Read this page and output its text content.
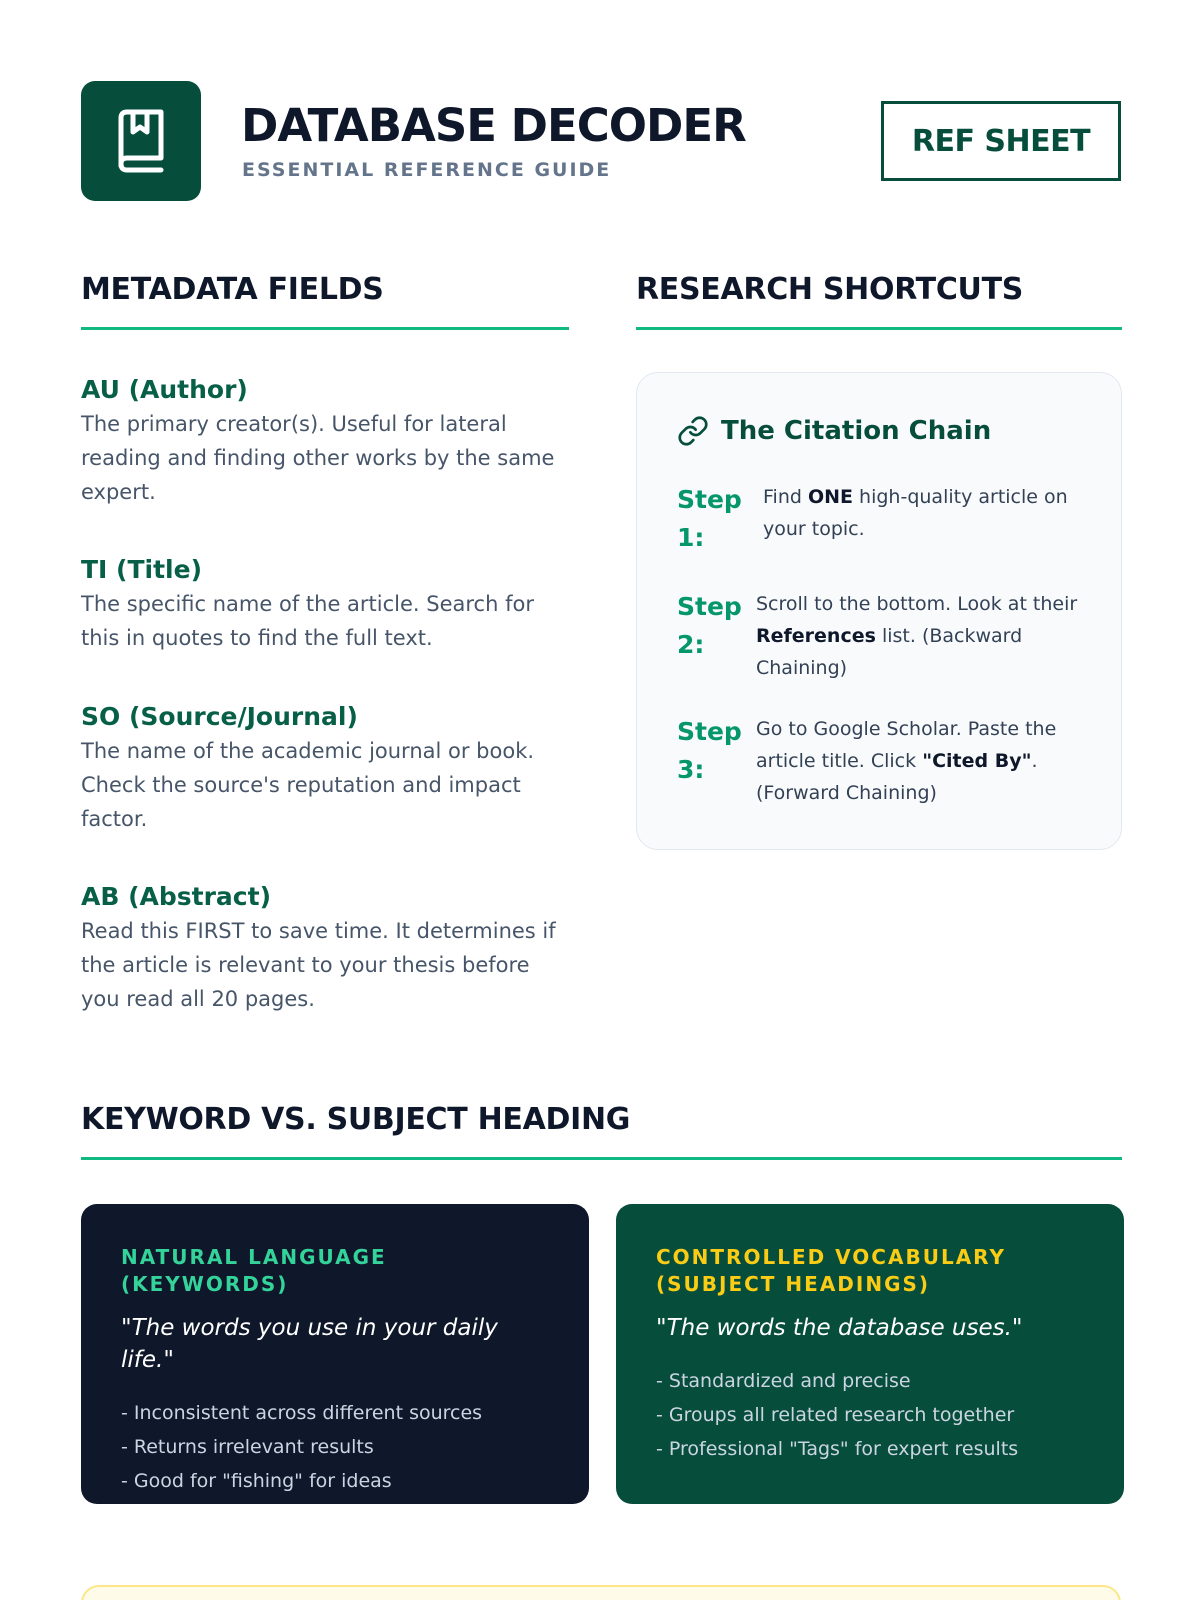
DATABASE DECODER
ESSENTIAL REFERENCE GUIDE
REF SHEET
METADATA FIELDS
AU (Author)
The primary creator(s). Useful for lateral reading and finding other works by the same expert.
TI (Title)
The specific name of the article. Search for this in quotes to find the full text.
SO (Source/Journal)
The name of the academic journal or book. Check the source's reputation and impact factor.
AB (Abstract)
Read this FIRST to save time. It determines if the article is relevant to your thesis before you read all 20 pages.
RESEARCH SHORTCUTS
The Citation Chain
Step 1:
Find ONE high-quality article on your topic.
Step 2:
Scroll to the bottom. Look at their References list. (Backward Chaining)
Step 3:
Go to Google Scholar. Paste the article title. Click "Cited By". (Forward Chaining)
KEYWORD VS. SUBJECT HEADING
NATURAL LANGUAGE (KEYWORDS)
"The words you use in your daily life."
- Inconsistent across different sources
- Returns irrelevant results
- Good for "fishing" for ideas
CONTROLLED VOCABULARY (SUBJECT HEADINGS)
"The words the database uses."
- Standardized and precise
- Groups all related research together
- Professional "Tags" for expert results
